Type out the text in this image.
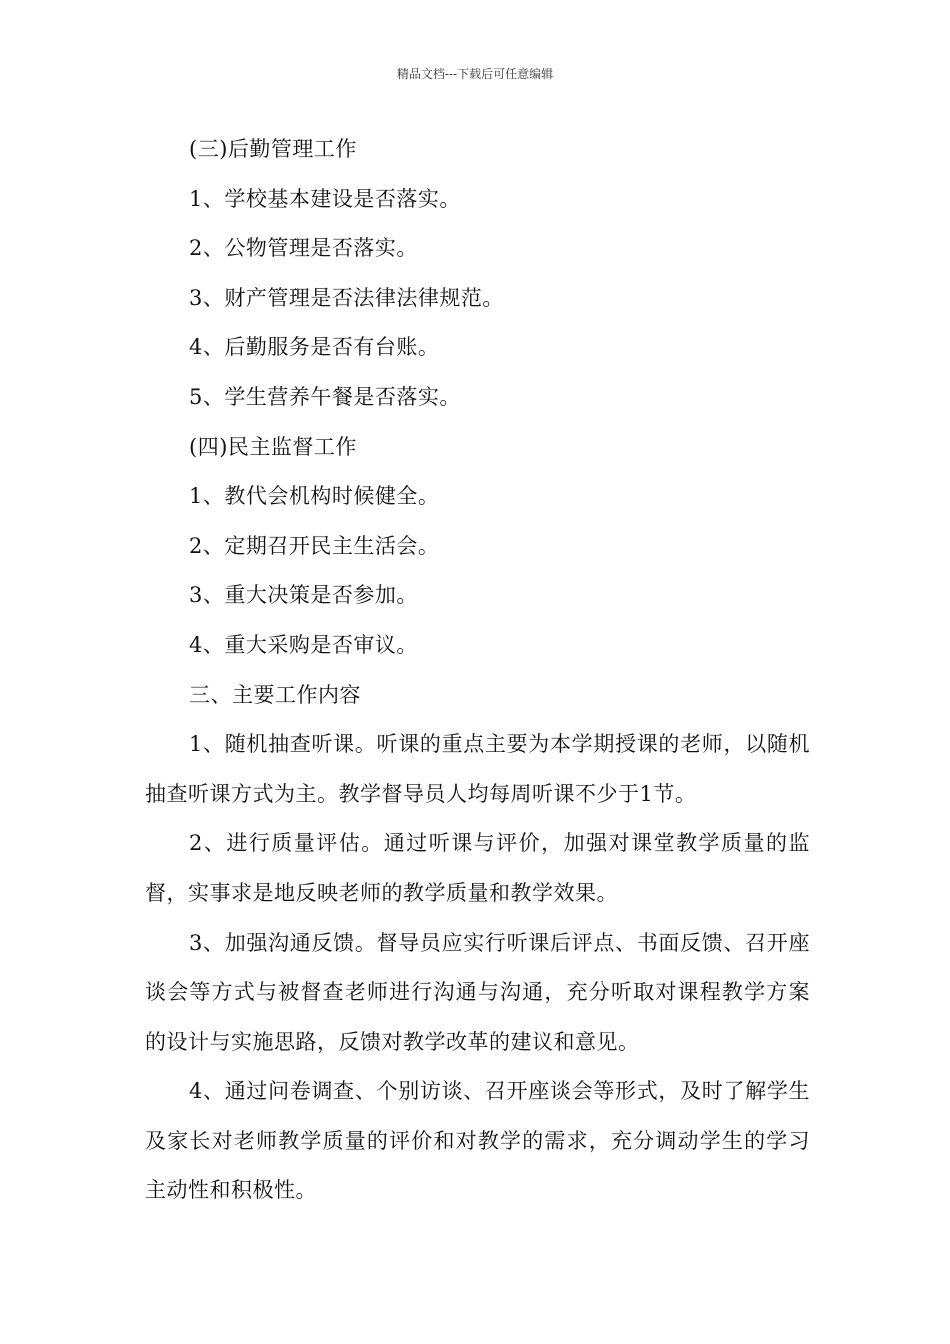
精品文档---下载后可任意编辑

(三)后勤管理工作

1、学校基本建设是否落实。

2、公物管理是否落实。

3、财产管理是否法律法律规范。

4、后勤服务是否有台账。

5、学生营养午餐是否落实。

(四)民主监督工作

1、教代会机构时候健全。

2、定期召开民主生活会。

3、重大决策是否参加。

4、重大采购是否审议。

三、主要工作内容

1、随机抽查听课。听课的重点主要为本学期授课的老师，以随机抽查听课方式为主。教学督导员人均每周听课不少于1节。

2、进行质量评估。通过听课与评价，加强对课堂教学质量的监督，实事求是地反映老师的教学质量和教学效果。

3、加强沟通反馈。督导员应实行听课后评点、书面反馈、召开座谈会等方式与被督查老师进行沟通与沟通，充分听取对课程教学方案的设计与实施思路，反馈对教学改革的建议和意见。

4、通过问卷调查、个别访谈、召开座谈会等形式，及时了解学生及家长对老师教学质量的评价和对教学的需求，充分调动学生的学习主动性和积极性。
